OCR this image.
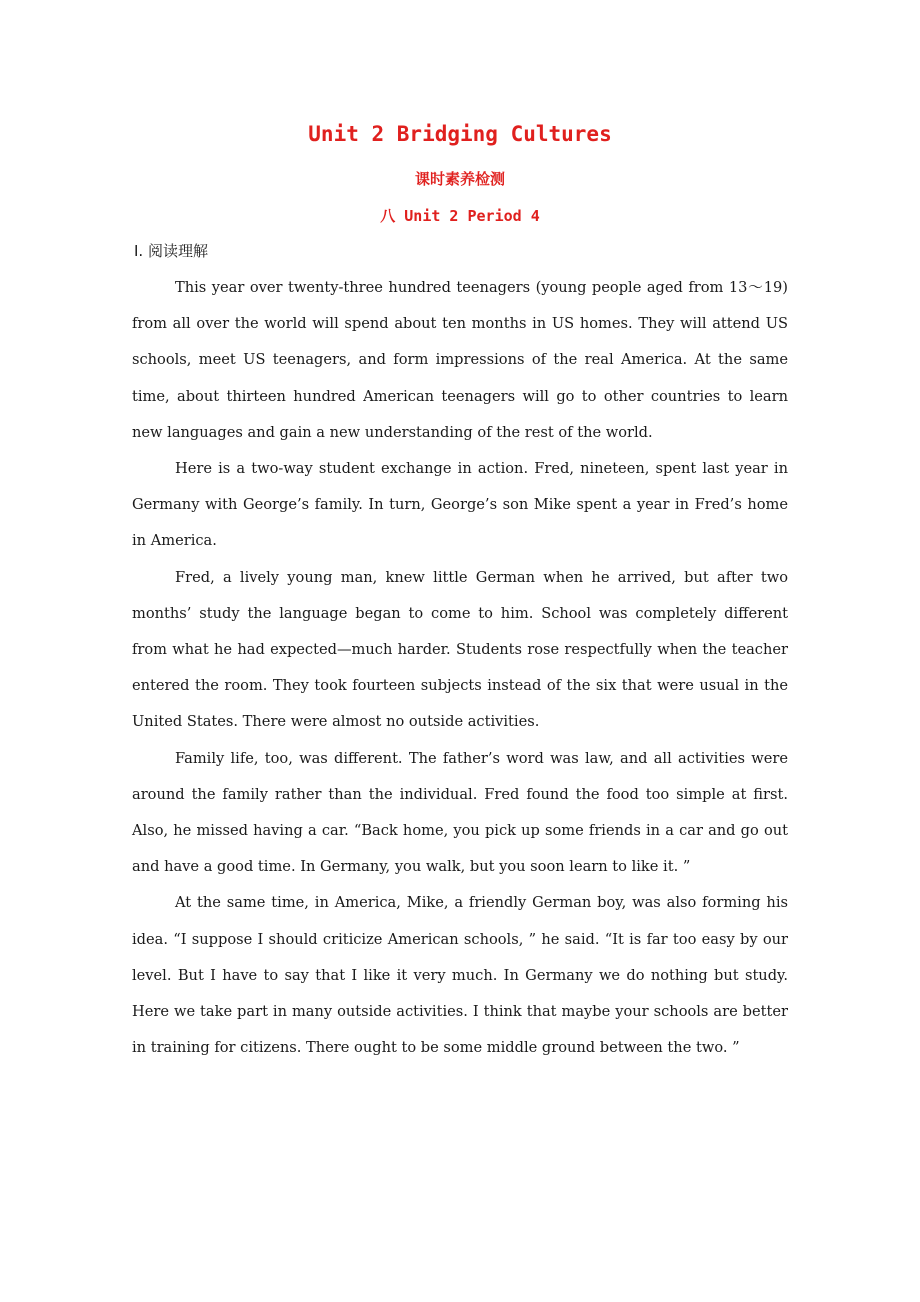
Unit 2 Bridging Cultures
课时素养检测
八 Unit 2 Period 4
Ⅰ. 阅读理解

This year over twenty-three hundred teenagers (young people aged from 13～19) from all over the world will spend about ten months in US homes. They will attend US schools, meet US teenagers, and form impressions of the real America. At the same time, about thirteen hundred American teenagers will go to other countries to learn new languages and gain a new understanding of the rest of the world.

Here is a two-way student exchange in action. Fred, nineteen, spent last year in Germany with George’s family. In turn, George’s son Mike spent a year in Fred’s home in America.

Fred, a lively young man, knew little German when he arrived, but after two months’ study the language began to come to him. School was completely different from what he had expected—much harder. Students rose respectfully when the teacher entered the room. They took fourteen subjects instead of the six that were usual in the United States. There were almost no outside activities.

Family life, too, was different. The father’s word was law, and all activities were around the family rather than the individual. Fred found the food too simple at first. Also, he missed having a car. “Back home, you pick up some friends in a car and go out and have a good time. In Germany, you walk, but you soon learn to like it. ”

At the same time, in America, Mike, a friendly German boy, was also forming his idea. “I suppose I should criticize American schools, ” he said. “It is far too easy by our level. But I have to say that I like it very much. In Germany we do nothing but study. Here we take part in many outside activities. I think that maybe your schools are better in training for citizens. There ought to be some middle ground between the two. ”
